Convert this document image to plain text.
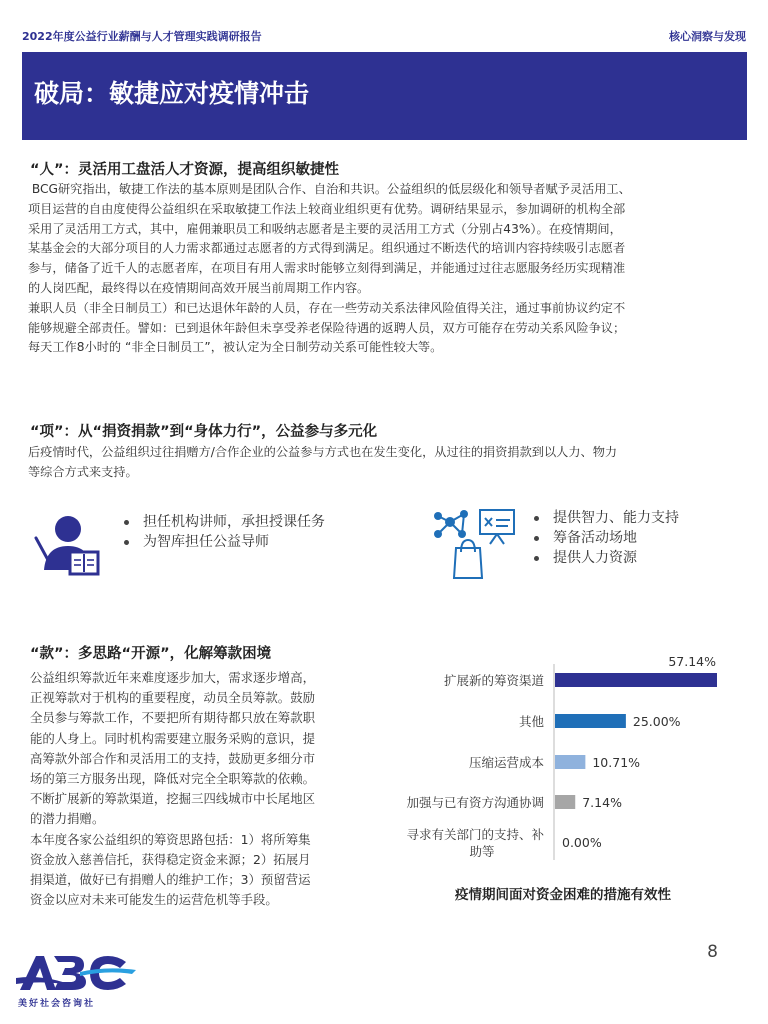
2022年度公益行业薪酬与人才管理实践调研报告	核心洞察与发现
破局：敏捷应对疫情冲击
“人”：灵活用工盘活人才资源，提高组织敏捷性
BCG研究指出，敏捷工作法的基本原则是团队合作、自治和共识。公益组织的低层级化和领导者赋予灵活用工、
项目运营的自由度使得公益组织在采取敏捷工作法上较商业组织更有优势。调研结果显示，参加调研的机构全部
采用了灵活用工方式，其中，雇佣兼职员工和吸纳志愿者是主要的灵活用工方式（分别占43%）。在疫情期间，
某基金会的大部分项目的人力需求都通过志愿者的方式得到满足。组织通过不断迭代的培训内容持续吸引志愿者
参与，储备了近千人的志愿者库，在项目有用人需求时能够立刻得到满足，并能通过过往志愿服务经历实现精准
的人岗匹配，最终得以在疫情期间高效开展当前周期工作内容。
兼职人员（非全日制员工）和已达退休年龄的人员，存在一些劳动关系法律风险值得关注，通过事前协议约定不
能够规避全部责任。譬如：已到退休年龄但未享受养老保险待遇的返聘人员，双方可能存在劳动关系风险争议；
每天工作8小时的 “非全日制员工”，被认定为全日制劳动关系可能性较大等。
“项”：从“捐资捐款”到“身体力行”，公益参与多元化
后疫情时代，公益组织过往捐赠方/合作企业的公益参与方式也在发生变化，从过往的捐资捐款到以人力、物力
等综合方式来支持。
担任机构讲师，承担授课任务
为智库担任公益导师
提供智力、能力支持
筹备活动场地
提供人力资源
“款”：多思路“开源”，化解筹款困境

公益组织筹款近年来难度逐步加大，需求逐步增高，

正视筹款对于机构的重要程度，动员全员筹款。鼓励

全员参与筹款工作，不要把所有期待都只放在筹款职

能的人身上。同时机构需要建立服务采购的意识，提

高筹款外部合作和灵活用工的支持，鼓励更多细分市

场的第三方服务出现，降低对完全全职筹款的依赖。

不断扩展新的筹款渠道，挖掘三四线城市中长尾地区

的潜力捐赠。

本年度各家公益组织的筹资思路包括：1）将所筹集

资金放入慈善信托，获得稳定资金来源；2）拓展月

捐渠道，做好已有捐赠人的维护工作；3）预留营运

资金以应对未来可能发生的运营危机等手段。

57.14%
扩展新的筹资渠道
25.00%
其他
10.71%
压缩运营成本
7.14%
加强与已有资方沟通协调
0.00%
寻求有关部门的支持、补
助等
疫情期间面对资金困难的措施有效性
8
美好社会咨询社
